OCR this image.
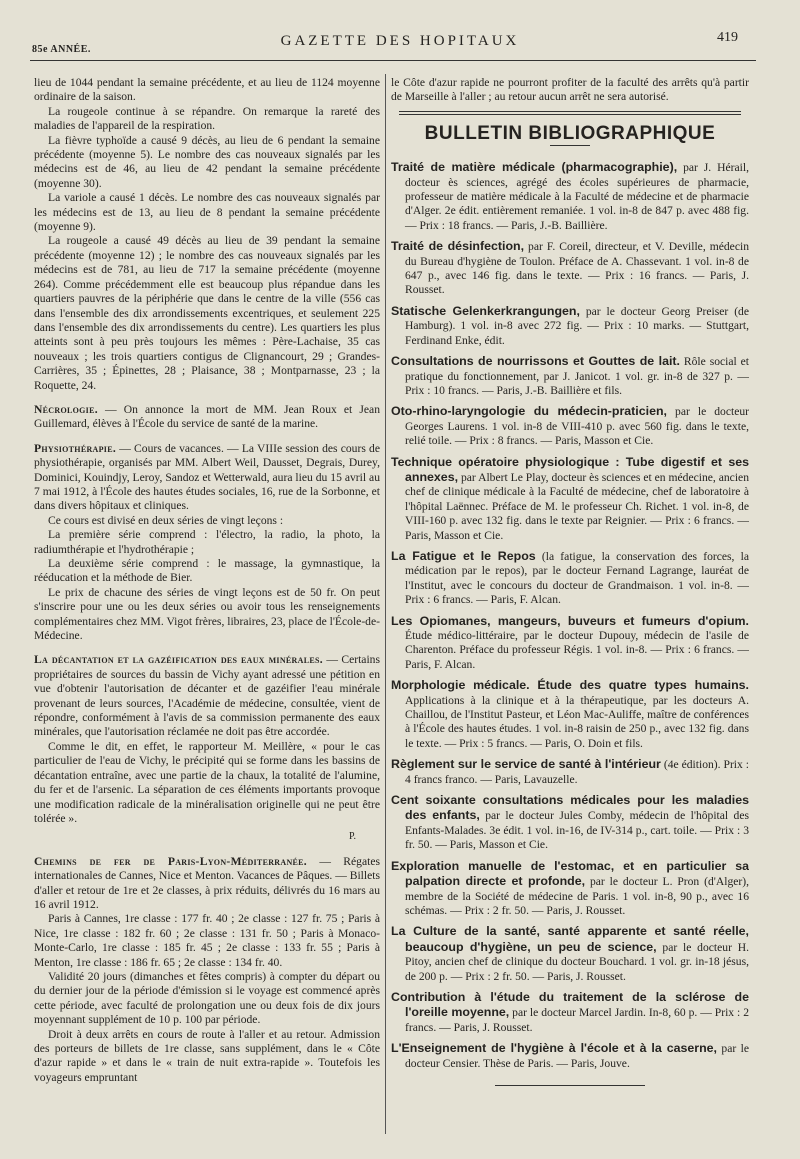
85e ANNÉE.
GAZETTE DES HOPITAUX	419

lieu de 1044 pendant la semaine précédente, et au lieu de 1124 moyenne ordinaire de la saison.

La rougeole continue à se répandre. On remarque la rareté des maladies de l'appareil de la respiration.

La fièvre typhoïde a causé 9 décès, au lieu de 6 pendant la semaine précédente (moyenne 5). Le nombre des cas nouveaux signalés par les médecins est de 46, au lieu de 42 pendant la semaine précédente (moyenne 30).

La variole a causé 1 décès. Le nombre des cas nouveaux signalés par les médecins est de 13, au lieu de 8 pendant la semaine précédente (moyenne 9).

La rougeole a causé 49 décès au lieu de 39 pendant la semaine précédente (moyenne 12) ; le nombre des cas nouveaux signalés par les médecins est de 781, au lieu de 717 la semaine précédente (moyenne 264). Comme précédemment elle est beaucoup plus répandue dans les quartiers pauvres de la périphérie que dans le centre de la ville (556 cas dans l'ensemble des dix arrondissements excentriques, et seulement 225 dans l'ensemble des dix arrondissements du centre). Les quartiers les plus atteints sont à peu près toujours les mêmes : Père-Lachaise, 35 cas nouveaux ; les trois quartiers contigus de Clignancourt, 29 ; Grandes-Carrières, 35 ; Épinettes, 28 ; Plaisance, 38 ; Montparnasse, 23 ; la Roquette, 24.

Nécrologie. — On annonce la mort de MM. Jean Roux et Jean Guillemard, élèves à l'École du service de santé de la marine.

Physiothérapie. — Cours de vacances. — La VIIIe session des cours de physiothérapie, organisés par MM. Albert Weil, Dausset, Degrais, Durey, Dominici, Kouindjy, Leroy, Sandoz et Wetterwald, aura lieu du 15 avril au 7 mai 1912, à l'École des hautes études sociales, 16, rue de la Sorbonne, et dans divers hôpitaux et cliniques.

Ce cours est divisé en deux séries de vingt leçons :

La première série comprend : l'électro, la radio, la photo, la radiumthérapie et l'hydrothérapie ;

La deuxième série comprend : le massage, la gymnastique, la rééducation et la méthode de Bier.

Le prix de chacune des séries de vingt leçons est de 50 fr. On peut s'inscrire pour une ou les deux séries ou avoir tous les renseignements complémentaires chez MM. Vigot frères, libraires, 23, place de l'École-de-Médecine.

La décantation et la gazéification des eaux minérales. — Certains propriétaires de sources du bassin de Vichy ayant adressé une pétition en vue d'obtenir l'autorisation de décanter et de gazéifier l'eau minérale provenant de leurs sources, l'Académie de médecine, consultée, vient de répondre, conformément à l'avis de sa commission permanente des eaux minérales, que l'autorisation réclamée ne doit pas être accordée.

Comme le dit, en effet, le rapporteur M. Meillère, « pour le cas particulier de l'eau de Vichy, le précipité qui se forme dans les bassins de décantation entraîne, avec une partie de la chaux, la totalité de l'alumine, du fer et de l'arsenic. La séparation de ces éléments importants provoque une modification radicale de la minéralisation originelle qui ne peut être tolérée ».

P.

Chemins de fer de Paris-Lyon-Méditerranée. — Régates internationales de Cannes, Nice et Menton. Vacances de Pâques. — Billets d'aller et retour de 1re et 2e classes, à prix réduits, délivrés du 16 mars au 16 avril 1912.

Paris à Cannes, 1re classe : 177 fr. 40 ; 2e classe : 127 fr. 75 ; Paris à Nice, 1re classe : 182 fr. 60 ; 2e classe : 131 fr. 50 ; Paris à Monaco-Monte-Carlo, 1re classe : 185 fr. 45 ; 2e classe : 133 fr. 55 ; Paris à Menton, 1re classe : 186 fr. 65 ; 2e classe : 134 fr. 40.

Validité 20 jours (dimanches et fêtes compris) à compter du départ ou du dernier jour de la période d'émission si le voyage est commencé après cette période, avec faculté de prolongation une ou deux fois de dix jours moyennant supplément de 10 p. 100 par période.

Droit à deux arrêts en cours de route à l'aller et au retour. Admission des porteurs de billets de 1re classe, sans supplément, dans le « Côte d'azur rapide » et dans le « train de nuit extra-rapide ». Toutefois les voyageurs empruntant

le Côte d'azur rapide ne pourront profiter de la faculté des arrêts qu'à partir de Marseille à l'aller ; au retour aucun arrêt ne sera autorisé.

BULLETIN BIBLIOGRAPHIQUE

Traité de matière médicale (pharmacographie), par J. Hérail, docteur ès sciences, agrégé des écoles supérieures de pharmacie, professeur de matière médicale à la Faculté de médecine et de pharmacie d'Alger. 2e édit. entièrement remaniée. 1 vol. in-8 de 847 p. avec 488 fig. — Prix : 18 francs. — Paris, J.-B. Baillière.

Traité de désinfection, par F. Coreil, directeur, et V. Deville, médecin du Bureau d'hygiène de Toulon. Préface de A. Chassevant. 1 vol. in-8 de 647 p., avec 146 fig. dans le texte. — Prix : 16 francs. — Paris, J. Rousset.

Statische Gelenkerkrangungen, par le docteur Georg Preiser (de Hamburg). 1 vol. in-8 avec 272 fig. — Prix : 10 marks. — Stuttgart, Ferdinand Enke, édit.

Consultations de nourrissons et Gouttes de lait. Rôle social et pratique du fonctionnement, par J. Janicot. 1 vol. gr. in-8 de 327 p. — Prix : 10 francs. — Paris, J.-B. Baillière et fils.

Oto-rhino-laryngologie du médecin-praticien, par le docteur Georges Laurens. 1 vol. in-8 de VIII-410 p. avec 560 fig. dans le texte, relié toile. — Prix : 8 francs. — Paris, Masson et Cie.

Technique opératoire physiologique : Tube digestif et ses annexes, par Albert Le Play, docteur ès sciences et en médecine, ancien chef de clinique médicale à la Faculté de médecine, chef de laboratoire à l'hôpital Laënnec. Préface de M. le professeur Ch. Richet. 1 vol. in-8, de VIII-160 p. avec 132 fig. dans le texte par Reignier. — Prix : 6 francs. — Paris, Masson et Cie.

La Fatigue et le Repos (la fatigue, la conservation des forces, la médication par le repos), par le docteur Fernand Lagrange, lauréat de l'Institut, avec le concours du docteur de Grandmaison. 1 vol. in-8. — Prix : 6 francs. — Paris, F. Alcan.

Les Opiomanes, mangeurs, buveurs et fumeurs d'opium. Étude médico-littéraire, par le docteur Dupouy, médecin de l'asile de Charenton. Préface du professeur Régis. 1 vol. in-8. — Prix : 6 francs. — Paris, F. Alcan.

Morphologie médicale. Étude des quatre types humains. Applications à la clinique et à la thérapeutique, par les docteurs A. Chaillou, de l'Institut Pasteur, et Léon Mac-Auliffe, maître de conférences à l'École des hautes études. 1 vol. in-8 raisin de 250 p., avec 132 fig. dans le texte. — Prix : 5 francs. — Paris, O. Doin et fils.

Règlement sur le service de santé à l'intérieur (4e édition). Prix : 4 francs franco. — Paris, Lavauzelle.

Cent soixante consultations médicales pour les maladies des enfants, par le docteur Jules Comby, médecin de l'hôpital des Enfants-Malades. 3e édit. 1 vol. in-16, de IV-314 p., cart. toile. — Prix : 3 fr. 50. — Paris, Masson et Cie.

Exploration manuelle de l'estomac, et en particulier sa palpation directe et profonde, par le docteur L. Pron (d'Alger), membre de la Société de médecine de Paris. 1 vol. in-8, 90 p., avec 16 schémas. — Prix : 2 fr. 50. — Paris, J. Rousset.

La Culture de la santé, santé apparente et santé réelle, beaucoup d'hygiène, un peu de science, par le docteur H. Pitoy, ancien chef de clinique du docteur Bouchard. 1 vol. gr. in-18 jésus, de 200 p. — Prix : 2 fr. 50. — Paris, J. Rousset.

Contribution à l'étude du traitement de la sclérose de l'oreille moyenne, par le docteur Marcel Jardin. In-8, 60 p. — Prix : 2 francs. — Paris, J. Rousset.

L'Enseignement de l'hygiène à l'école et à la caserne, par le docteur Censier. Thèse de Paris. — Paris, Jouve.
